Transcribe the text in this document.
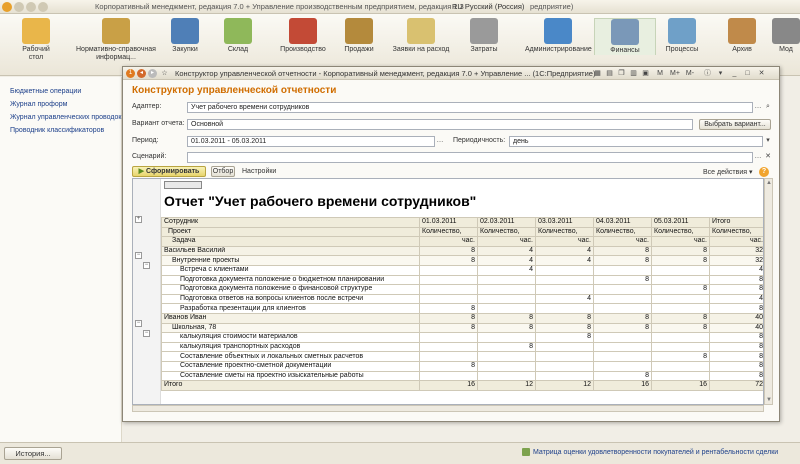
Корпоративный менеджмент, редакция 7.0 + Управление производственным предприятием, редакция 1.3
RU Русский (Россия) редприятие)
Рабочий
стол
Нормативно-справочная
информац...
Закупки	Склад	Производство	Продажи	Заявки на расход	Затраты	Администрирование	Финансы	Процессы	Архив	Мод
Бюджетные операции
Журнал проформ
Журнал управленческих проводок
Проводник классификаторов
1	◂	▸	☆ Конструктор управленческой отчетности - Корпоративный менеджмент, редакция 7.0 + Управление ... (1С:Предприятие)
▦ ▤ ❐ ▥ ▣ M M+ M- ⓘ	▾	_	□	✕
Конструктор управленческой отчетности
Адаптер:	Учет рабочего времени сотрудников	… ⌕
Вариант отчета: Основной	Выбрать вариант...
Период:	01.03.2011 - 05.03.2011	… Периодичность:	день	▾
Сценарий:	… ✕
▶ Сформировать	Отбор Настройки	Все действия ▾	?
+
−
−
−
−
Отчет "Учет рабочего времени сотрудников"
Сотрудник	01.03.2011	02.03.2011	03.03.2011	04.03.2011	05.03.2011	Итого
Проект	Количество,	Количество,	Количество,	Количество,	Количество,	Количество,
Задача	час.	час.	час.	час.	час.	час.
Васильев Василий	8	4	4	8	8	32
Внутренние проекты	8	4	4	8	8	32
Встреча с клиентами		4				4
Подготовка документа положение о бюджетном планировании				8		8
Подготовка документа положение о финансовой структуре					8	8
Подготовка ответов на вопросы клиентов после встречи			4			4
Разработка презентации для клиентов	8					8
Иванов Иван	8	8	8	8	8	40
Школьная, 78	8	8	8	8	8	40
калькуляция стоимости материалов			8			8
калькуляция транспортных расходов		8				8
Составление объектных и локальных сметных расчетов					8	8
Составление проектно-сметной документации	8					8
Составление сметы на проектно изыскательные работы				8		8
Итого	16	12	12	16	16	72
▲
▼
История...	Матрица оценки удовлетворенности покупателей и рентабельности сделки
